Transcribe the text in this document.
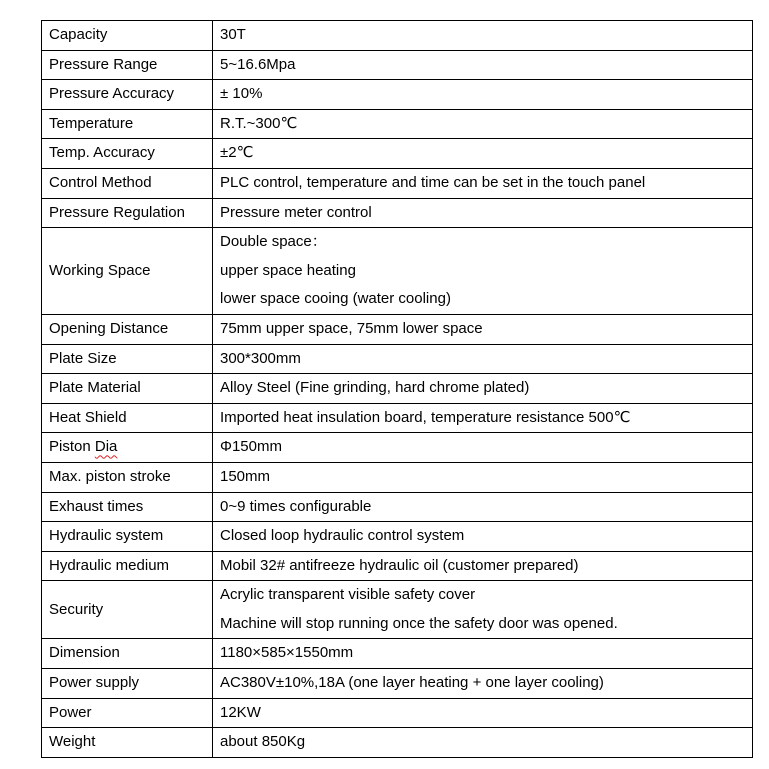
Capacity	30T
Pressure Range	5~16.6Mpa
Pressure Accuracy	± 10%
Temperature	R.T.~300℃
Temp. Accuracy	±2℃
Control Method	PLC control, temperature and time can be set in the touch panel
Pressure Regulation	Pressure meter control
Working Space	Double space：
upper space heating
lower space cooing (water cooling)

Opening Distance	75mm upper space, 75mm lower space
Plate Size	300*300mm
Plate Material	Alloy Steel (Fine grinding, hard chrome plated)
Heat Shield	Imported heat insulation board, temperature resistance 500℃
Piston Dia	Φ150mm
Max. piston stroke	150mm
Exhaust times	0~9 times configurable
Hydraulic system	Closed loop hydraulic control system
Hydraulic medium	Mobil 32# antifreeze hydraulic oil (customer prepared)
Security	Acrylic transparent visible safety cover
Machine will stop running once the safety door was opened.

Dimension	1180×585×1550mm
Power supply	AC380V±10%,18A (one layer heating + one layer cooling)
Power	12KW
Weight	about 850Kg
